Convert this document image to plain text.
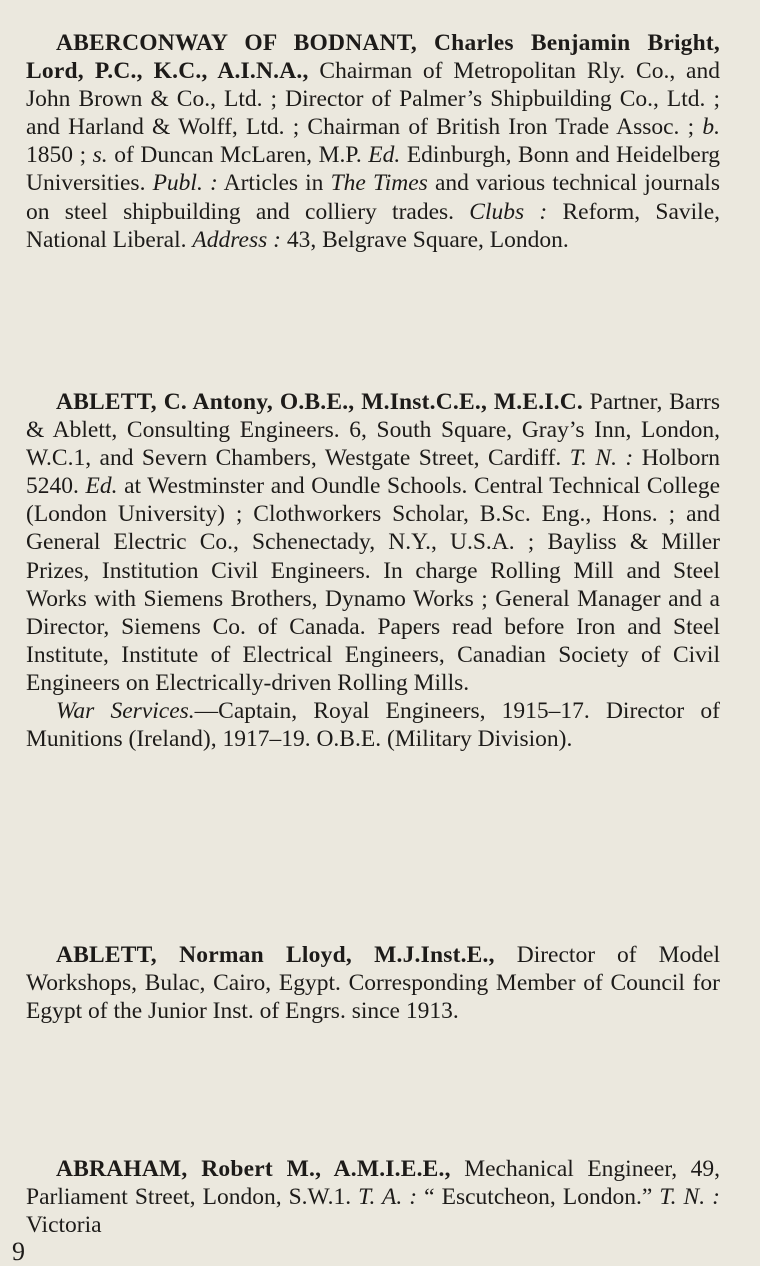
ABERCONWAY OF BODNANT, Charles Benjamin Bright, Lord, P.C., K.C., A.I.N.A., Chairman of Metropolitan Rly. Co., and John Brown & Co., Ltd. ; Director of Palmer’s Shipbuilding Co., Ltd. ; and Harland & Wolff, Ltd. ; Chairman of British Iron Trade Assoc. ; b. 1850 ; s. of Duncan McLaren, M.P. Ed. Edinburgh, Bonn and Heidelberg Universities. Publ. : Articles in The Times and various technical journals on steel shipbuilding and colliery trades. Clubs : Reform, Savile, National Liberal. Address : 43, Belgrave Square, London.

ABLETT, C. Antony, O.B.E., M.Inst.C.E., M.E.I.C. Partner, Barrs & Ablett, Consulting Engineers. 6, South Square, Gray’s Inn, London, W.C.1, and Severn Chambers, Westgate Street, Cardiff. T. N. : Holborn 5240. Ed. at Westminster and Oundle Schools. Central Technical College (London University) ; Clothworkers Scholar, B.Sc. Eng., Hons. ; and General Electric Co., Schenectady, N.Y., U.S.A. ; Bayliss & Miller Prizes, Institution Civil Engineers. In charge Rolling Mill and Steel Works with Siemens Brothers, Dynamo Works ; General Manager and a Director, Siemens Co. of Canada. Papers read before Iron and Steel Institute, Institute of Electrical Engineers, Canadian Society of Civil Engineers on Electrically-driven Rolling Mills.

War Services.—Captain, Royal Engineers, 1915–17. Director of Munitions (Ireland), 1917–19. O.B.E. (Military Division).

ABLETT, Norman Lloyd, M.J.Inst.E., Director of Model Workshops, Bulac, Cairo, Egypt. Corresponding Member of Council for Egypt of the Junior Inst. of Engrs. since 1913.

ABRAHAM, Robert M., A.M.I.E.E., Mechanical Engineer, 49, Parliament Street, London, S.W.1. T. A. : “ Escutcheon, London.” T. N. : Victoria

9
